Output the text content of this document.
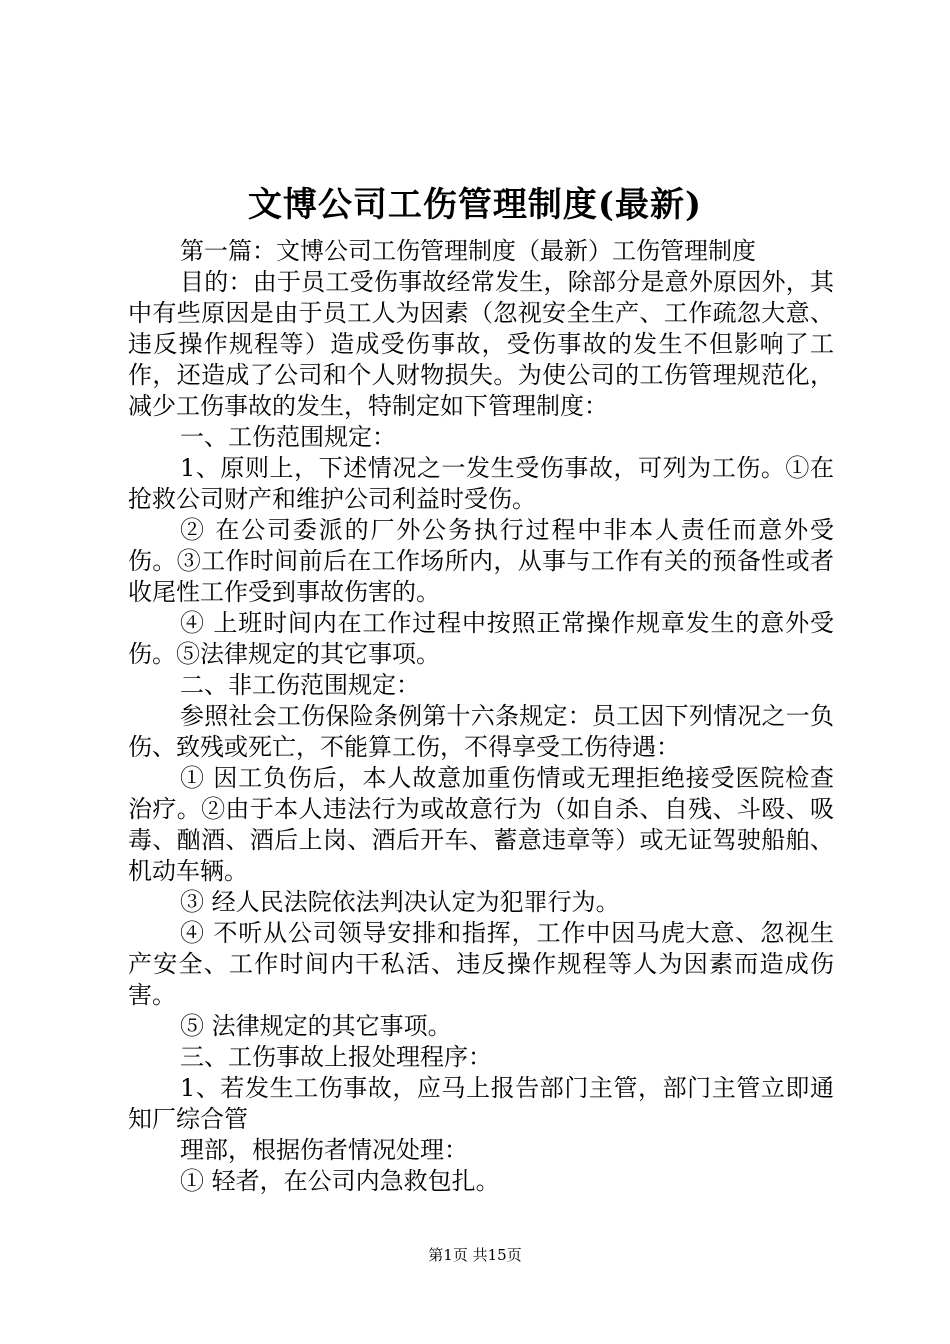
文博公司工伤管理制度(最新)

第一篇：文博公司工伤管理制度（最新）工伤管理制度

目的：由于员工受伤事故经常发生，除部分是意外原因外，其中有些原因是由于员工人为因素（忽视安全生产、工作疏忽大意、违反操作规程等）造成受伤事故，受伤事故的发生不但影响了工作，还造成了公司和个人财物损失。为使公司的工伤管理规范化，减少工伤事故的发生，特制定如下管理制度：

一、工伤范围规定：

1、原则上，下述情况之一发生受伤事故，可列为工伤。①在抢救公司财产和维护公司利益时受伤。

② 在公司委派的厂外公务执行过程中非本人责任而意外受伤。③工作时间前后在工作场所内，从事与工作有关的预备性或者收尾性工作受到事故伤害的。

④ 上班时间内在工作过程中按照正常操作规章发生的意外受伤。⑤法律规定的其它事项。

二、非工伤范围规定：

参照社会工伤保险条例第十六条规定：员工因下列情况之一负伤、致残或死亡，不能算工伤，不得享受工伤待遇：

① 因工负伤后，本人故意加重伤情或无理拒绝接受医院检查治疗。②由于本人违法行为或故意行为（如自杀、自残、斗殴、吸毒、酗酒、酒后上岗、酒后开车、蓄意违章等）或无证驾驶船舶、机动车辆。

③ 经人民法院依法判决认定为犯罪行为。

④ 不听从公司领导安排和指挥，工作中因马虎大意、忽视生产安全、工作时间内干私活、违反操作规程等人为因素而造成伤害。

⑤ 法律规定的其它事项。

三、工伤事故上报处理程序：

1、若发生工伤事故，应马上报告部门主管，部门主管立即通知厂综合管

理部，根据伤者情况处理：

① 轻者，在公司内急救包扎。

第1页 共15页
